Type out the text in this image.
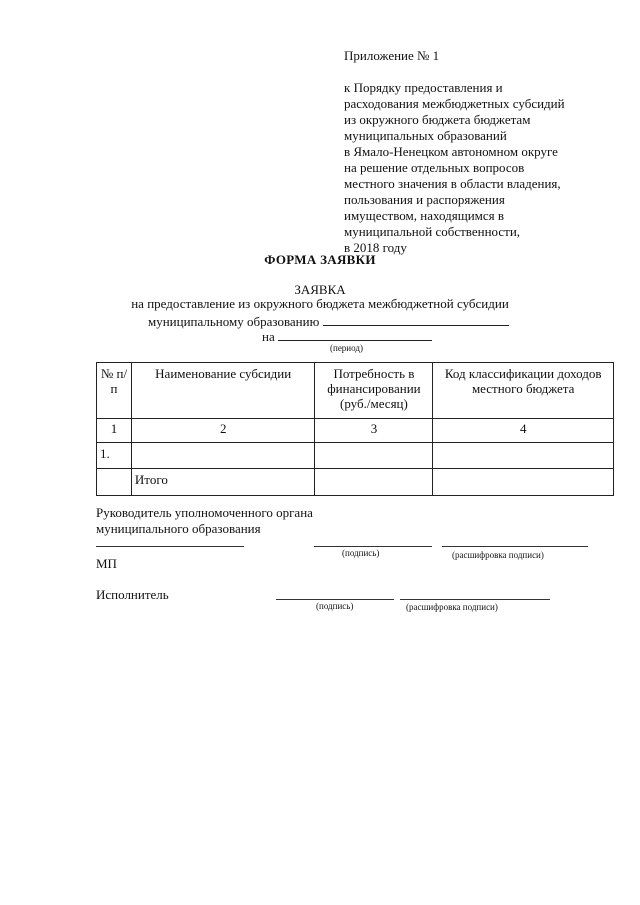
Приложение № 1
к Порядку предоставления и
расходования межбюджетных субсидий
из окружного бюджета бюджетам
муниципальных образований
в Ямало-Ненецком автономном округе
на решение отдельных вопросов
местного значения в области владения,
пользования и распоряжения
имуществом, находящимся в
муниципальной собственности,
в 2018 году
ФОРМА ЗАЯВКИ
ЗАЯВКА
на предоставление из окружного бюджета межбюджетной субсидии
муниципальному образованию
на
(период)
№ п/п	Наименование субсидии	Потребность в финансировании (руб./месяц)	Код классификации доходов местного бюджета
1	2	3	4
1.			
	Итого		
Руководитель уполномоченного органа
муниципального образования
(подпись)	(расшифровка подписи)
МП
Исполнитель
(подпись)	(расшифровка подписи)
